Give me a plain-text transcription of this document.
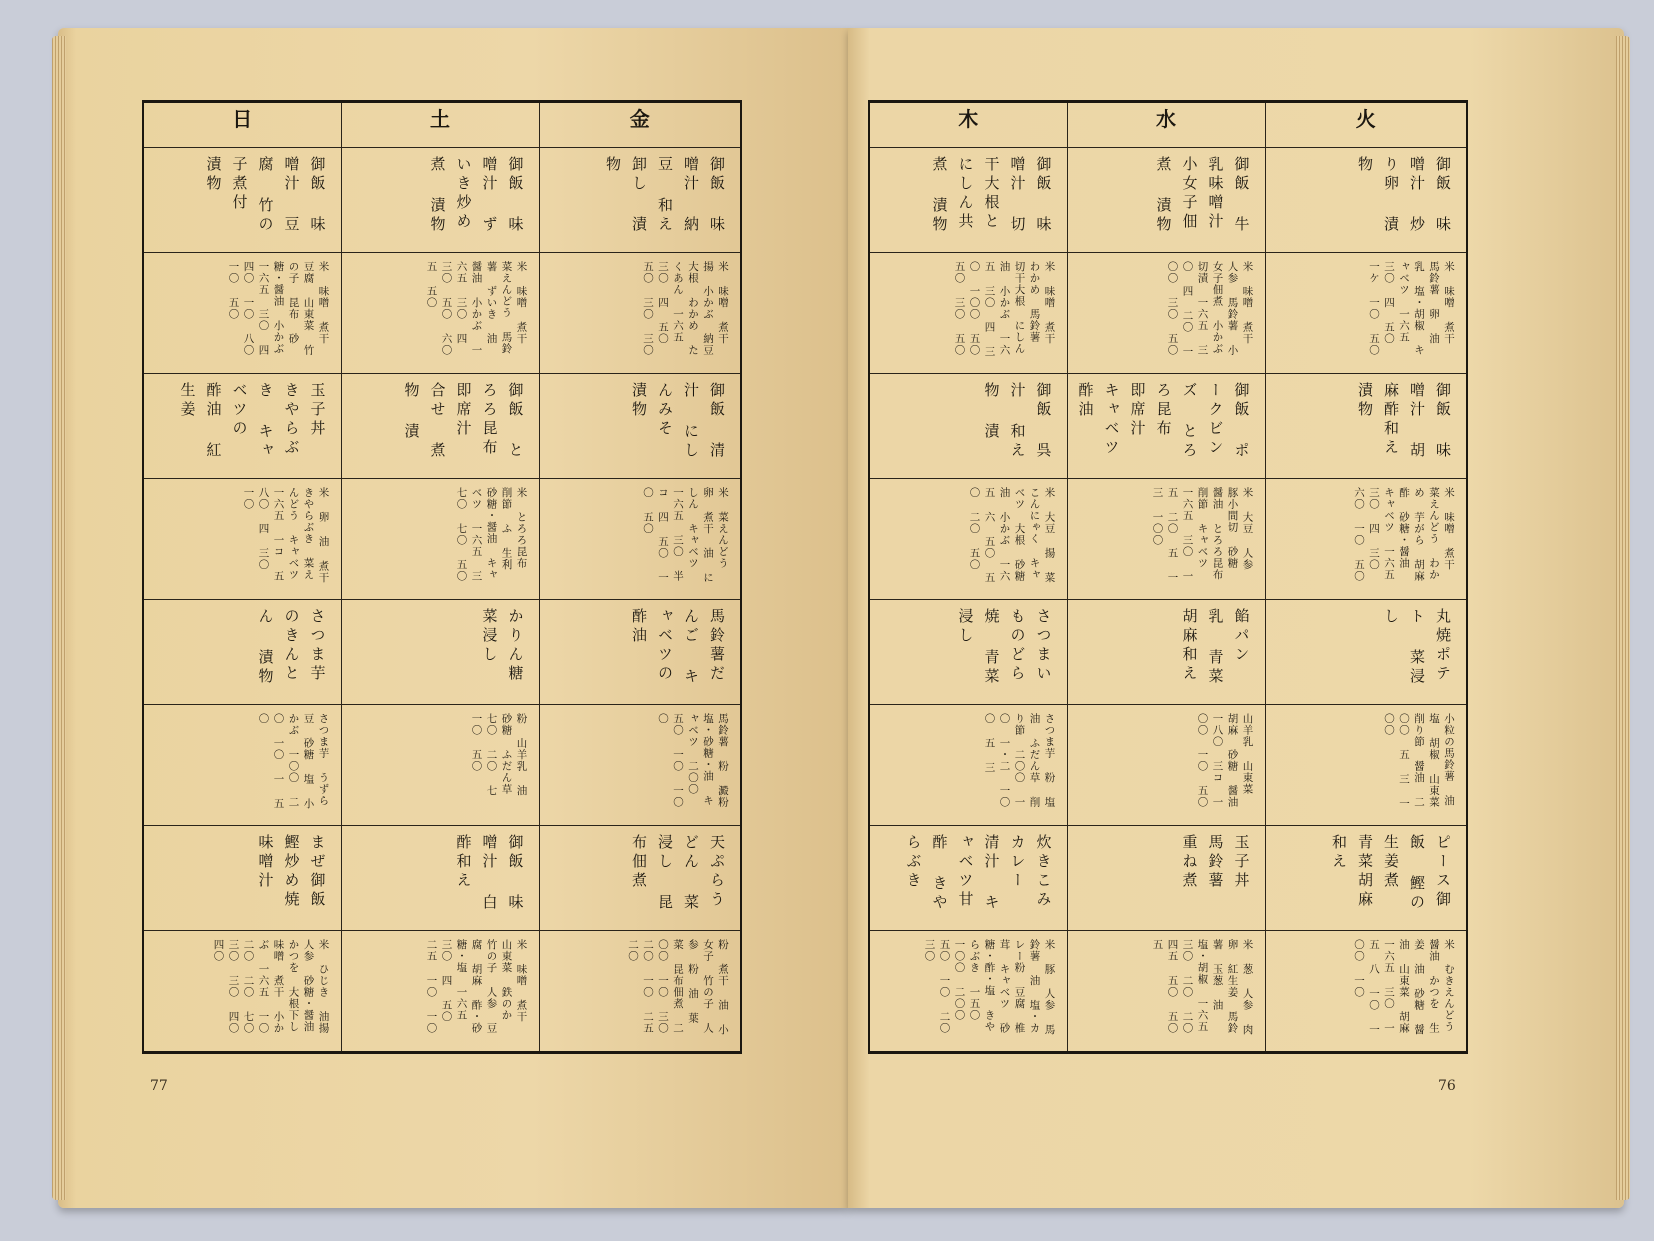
日	土	金

御飯 味噌汁 豆腐 竹の子煮付 漬物	御飯 味噌汁 ずいき炒め 煮 漬物	御飯 味噌汁 納豆 和え 卸し 漬物

米 味噌 煮干 豆腐 山東菜 竹の子 昆布 砂糖・醤油 小かぶ 一六五 三〇 四 四〇 一〇 八〇 一〇 五〇	米 味噌 煮干 菜えんどう 馬鈴薯 ずいき 油 醤油 小かぶ 一六五 三〇 四 三〇 五〇 六〇 五 五〇	米 味噌 煮干 揚 小かぶ 納豆 大根 わかめ たくあん 一六五 三〇 四 五〇 五〇 三〇 三〇

玉子丼 きやらぶき キャベツの 酢油 紅生姜	御飯 とろろ昆布 即席汁 合せ 煮物 漬	御飯 清汁 にしんみそ 漬物

米 卵 油 煮干 きやらぶき 菜えんどう キャベツ 一六五 一コ 五 八〇 四 三〇 一〇	米 とろろ昆布 削節 ふ 生利 砂糖・醤油 キャベツ 一六五 三 七〇 七〇 五〇	米 菜えんどう 卵 煮干 油 にしん キャベツ 一六五 三〇 半コ 四 五〇 一〇 五〇

さつま芋のきんとん 漬物	かりん糖 菜浸し	馬鈴薯だんご キャベツの酢油

さつま芋 うずら豆 砂糖 塩 小かぶ 一〇〇 二〇 一〇 一 五〇	粉 山羊乳 油 砂糖 ふだん草 七〇 二〇 七 一〇 五〇	馬鈴薯 粉 澱粉 塩・砂糖・油 キャベツ 二〇〇 五〇 一〇 一〇〇

まぜ御飯 鰹炒め焼 味噌汁	御飯 味噌汁 白酢和え	天ぷらうどん 菜浸し 昆布佃煮

米 ひじき 油揚 人参 砂糖・醤油 かつを 大根下し 味噌 煮干 小かぶ 一六五 一〇 二〇 二〇 七〇 三〇 三〇 四〇 四〇	米 味噌 煮干 山東菜 鉄のか 竹の子 人参 豆腐 胡麻 酢・砂糖・塩 一六五 三〇 四 五〇 二五 一〇 一〇	粉 煮干 油 小女子 竹の子 人参 粉 油 葉 菜 昆布佃煮 二〇〇 一〇 三〇 二〇 一〇 二五 二〇
77
木	水	火

御飯 味噌汁 切干大根と にしん共煮 漬物	御飯 牛乳味噌汁 小女子佃煮 漬物	御飯 味噌汁 炒り卵 漬物

米 味噌 煮干 わかめ 馬鈴薯 切干大根 にしん 油 小かぶ 一六五 三〇 四 三〇 一〇〇 五〇 五〇 三〇 五〇	米 味噌 煮干 人参 馬鈴薯 小女子佃煮 小かぶ切漬 一六五 三〇 四 二〇 一〇〇 三〇 五〇	米 味噌 煮干 馬鈴薯 卵 油 乳 塩・胡椒 キャベツ 一六五 三〇 四 五〇 一ケ 一〇 五〇

御飯 呉汁 和え物 漬	御飯 ポークビンズ とろろ昆布 即席汁 キャベツ酢油	御飯 味噌汁 胡麻酢和え 漬物

米 大豆 揚 菜 こんにゃく キャベツ 大根 砂糖 油 小かぶ 一六五 六 五〇 五〇 二〇 五〇	米 大豆 人参 豚小間切 砂糖 醤油 とろろ昆布 削節 キャベツ 一六五 三〇 一五 二〇 五 一 三 一〇〇	米 味噌 煮干 菜えんどう わかめ 芋がら 胡麻 酢 砂糖・醤油 キャベツ 一六五 三〇 四 三〇 六〇 一〇 五〇

さつまいものどら焼 青菜浸し	餡パン 乳 青菜胡麻和え	丸焼ポテト 菜浸し

さつま芋 粉 塩 油 ふだん草 削り節 二〇〇 一〇 一・二 一〇〇 五 三	山羊乳 山東菜 胡麻 砂糖 醤油 一八〇 三コ 一〇〇 一〇 五〇	小粒の馬鈴薯 油 塩 胡椒 山東菜 削り節 醤油 二〇〇 五 三 一〇〇

炊きこみカレー 清汁 キャベツ甘酢 きやらぶき	玉子丼 馬鈴薯 重ね煮	ピース御飯 鰹の生姜煮 青菜胡麻和え

米 豚 人参 馬鈴薯 油 塩・カレー粉 豆腐 椎茸 キャベツ 砂糖・酢・塩 きやらぶき 一五〇 一〇〇 二〇〇 五〇 一〇 二〇 三〇	米 葱 人参 肉 卵 紅生姜 馬鈴薯 玉葱 油 塩・胡椒 一六五 三〇 二〇 二〇 四五 五〇 五〇 五	米 むきえんどう 醤油 かつを 生姜 油 砂糖 醤油 山東菜 胡麻 一六五 三〇 一五 八 一〇 一〇〇 一〇
76
